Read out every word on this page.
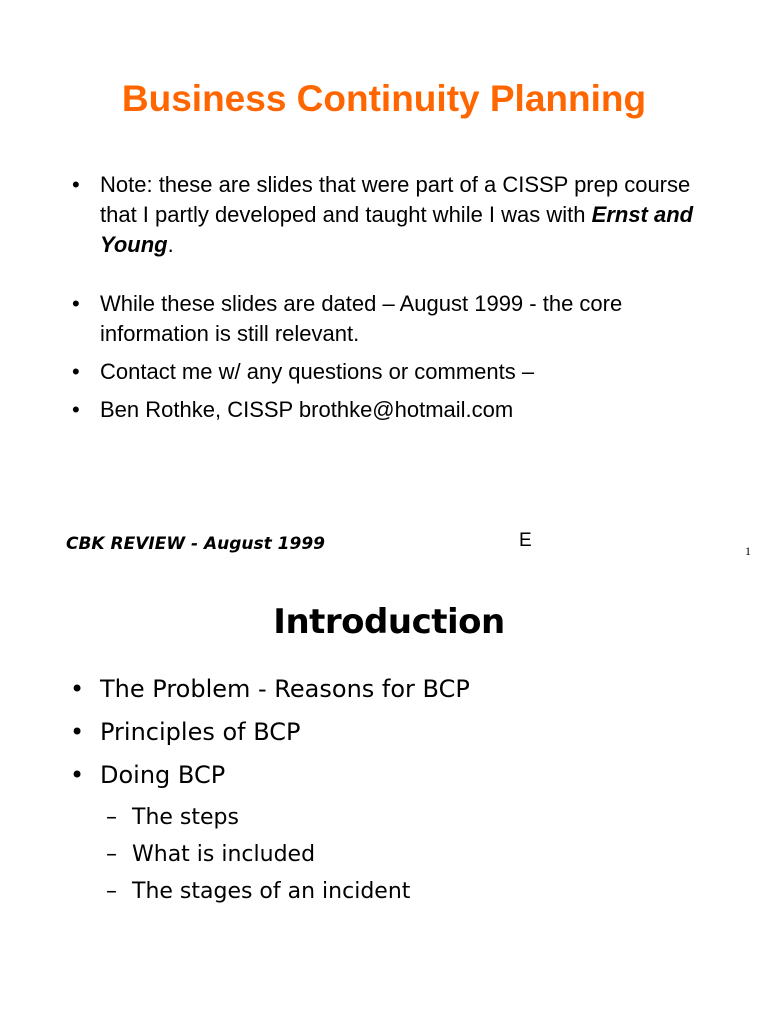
Business Continuity Planning
• Note: these are slides that were part of a CISSP prep course that I partly developed and taught while I was with Ernst and Young.
• While these slides are dated – August 1999 - the core information is still relevant.
• Contact me w/ any questions or comments –
• Ben Rothke, CISSP brothke@hotmail.com

CBK REVIEW - August 1999	E	1

Introduction
• The Problem - Reasons for BCP
• Principles of BCP
• Doing BCP
– The steps
– What is included
– The stages of an incident
